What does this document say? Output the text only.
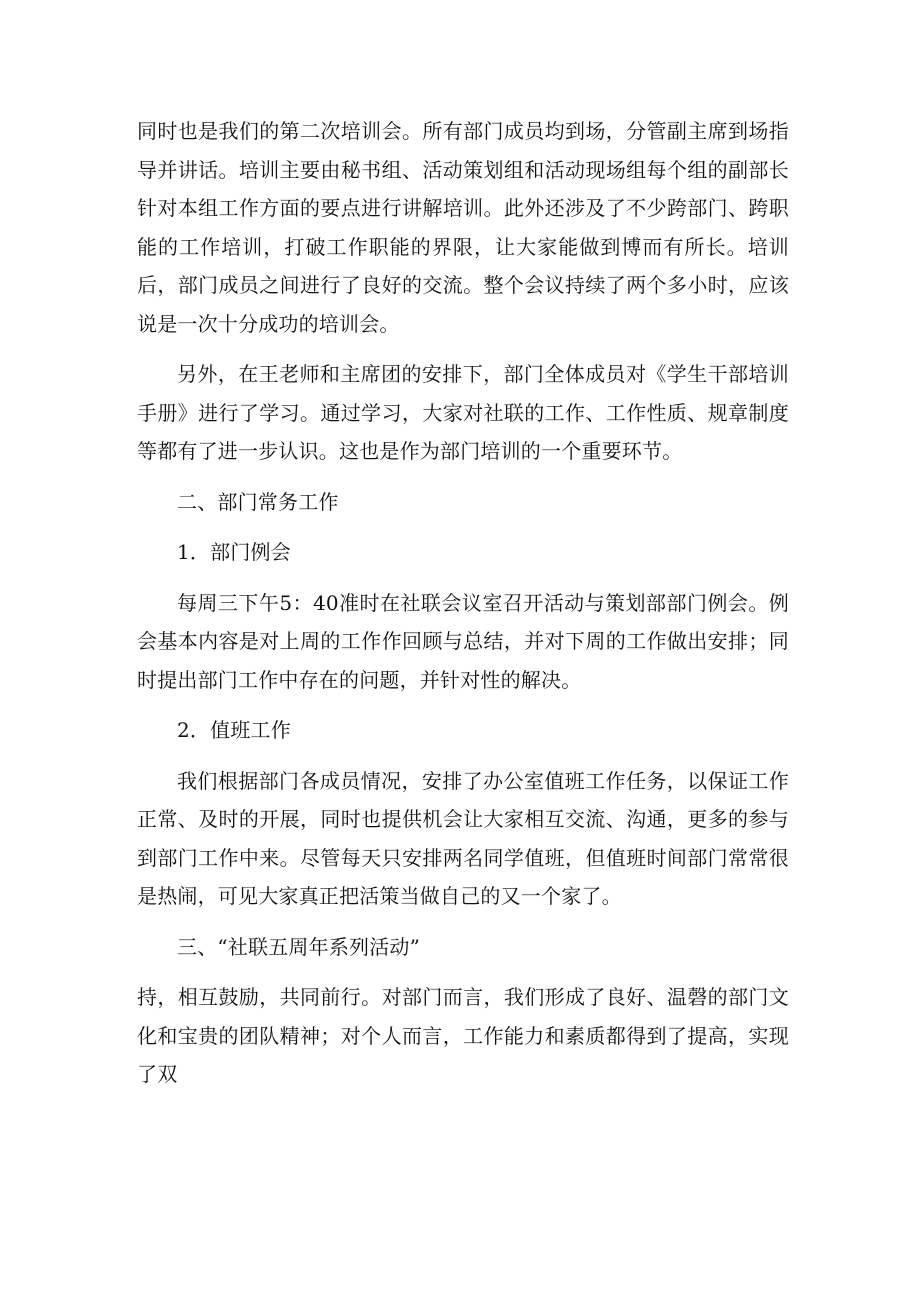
同时也是我们的第二次培训会。所有部门成员均到场，分管副主席到场指导并讲话。培训主要由秘书组、活动策划组和活动现场组每个组的副部长针对本组工作方面的要点进行讲解培训。此外还涉及了不少跨部门、跨职能的工作培训，打破工作职能的界限，让大家能做到博而有所长。培训后，部门成员之间进行了良好的交流。整个会议持续了两个多小时，应该说是一次十分成功的培训会。

另外，在王老师和主席团的安排下，部门全体成员对《学生干部培训手册》进行了学习。通过学习，大家对社联的工作、工作性质、规章制度等都有了进一步认识。这也是作为部门培训的一个重要环节。

二、部门常务工作

1．部门例会

每周三下午5：40准时在社联会议室召开活动与策划部部门例会。例会基本内容是对上周的工作作回顾与总结，并对下周的工作做出安排；同时提出部门工作中存在的问题，并针对性的解决。

2．值班工作

我们根据部门各成员情况，安排了办公室值班工作任务，以保证工作正常、及时的开展，同时也提供机会让大家相互交流、沟通，更多的参与到部门工作中来。尽管每天只安排两名同学值班，但值班时间部门常常很是热闹，可见大家真正把活策当做自己的又一个家了。

三、“社联五周年系列活动”

持，相互鼓励，共同前行。对部门而言，我们形成了良好、温磬的部门文化和宝贵的团队精神；对个人而言，工作能力和素质都得到了提高，实现了双
